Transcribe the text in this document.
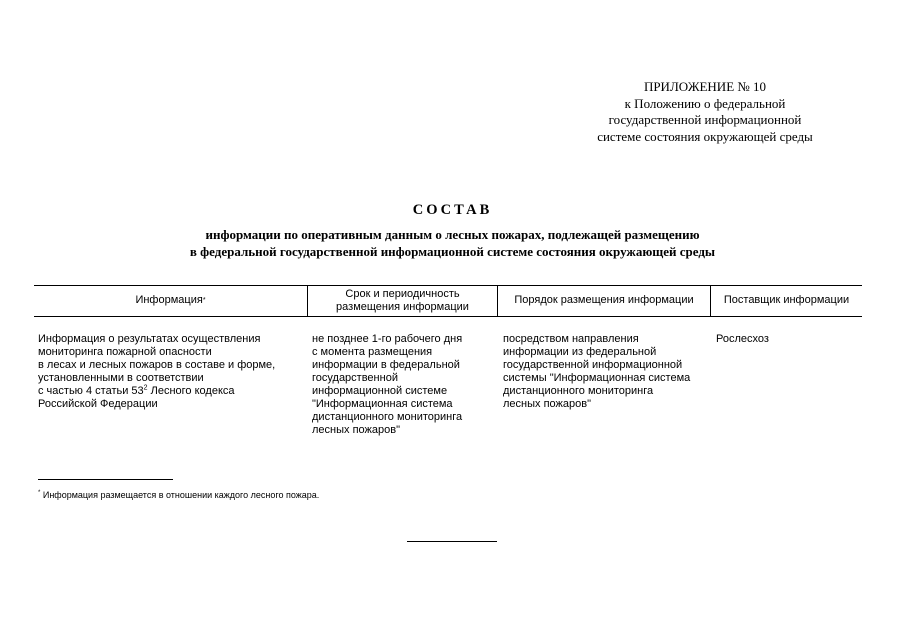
ПРИЛОЖЕНИЕ № 10
к Положению о федеральной
государственной информационной
системе состояния окружающей среды
СОСТАВ
информации по оперативным данным о лесных пожарах, подлежащей размещению
в федеральной государственной информационной системе состояния окружающей среды
Информация *
Срок и периодичность
размещения информации
Порядок размещения информации	Поставщик информации
Информация о результатах осуществления
мониторинга пожарной опасности
в лесах и лесных пожаров в составе и форме,
установленными в соответствии
с частью 4 статьи $53^2$ Лесного кодекса
Российской Федерации
не позднее 1-го рабочего дня
с момента размещения
информации в федеральной
государственной
информационной системе
"Информационная система
дистанционного мониторинга
лесных пожаров"
посредством направления
информации из федеральной
государственной информационной
системы "Информационная система
дистанционного мониторинга
лесных пожаров"
Рослесхоз
* Информация размещается в отношении каждого лесного пожара.
